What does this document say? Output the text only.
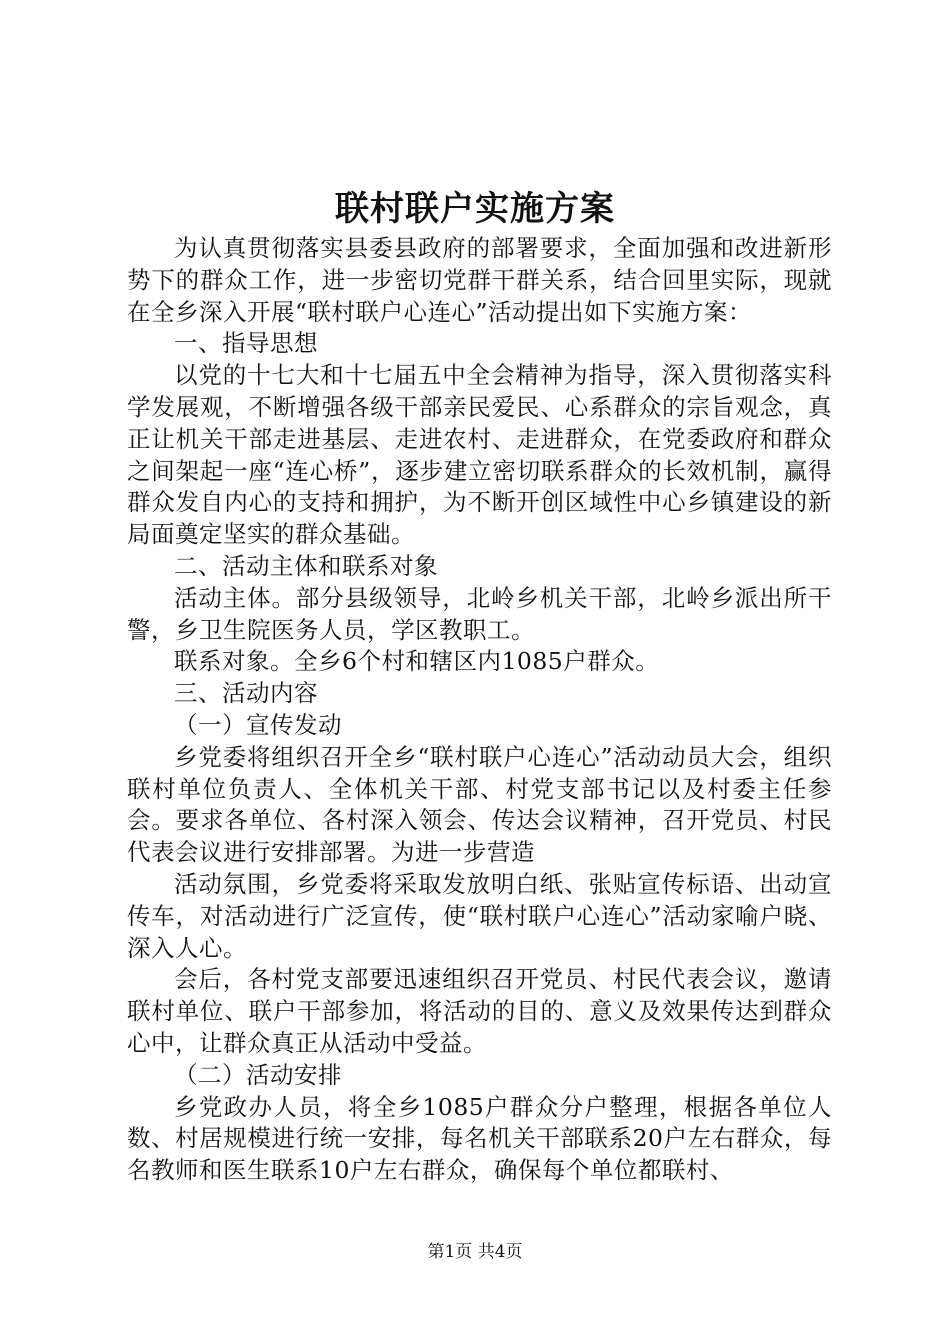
联村联户实施方案

为认真贯彻落实县委县政府的部署要求，全面加强和改进新形势下的群众工作，进一步密切党群干群关系，结合回里实际，现就在全乡深入开展“联村联户心连心”活动提出如下实施方案：

一、指导思想

以党的十七大和十七届五中全会精神为指导，深入贯彻落实科学发展观，不断增强各级干部亲民爱民、心系群众的宗旨观念，真正让机关干部走进基层、走进农村、走进群众，在党委政府和群众之间架起一座“连心桥”，逐步建立密切联系群众的长效机制，赢得群众发自内心的支持和拥护，为不断开创区域性中心乡镇建设的新局面奠定坚实的群众基础。

二、活动主体和联系对象

活动主体。部分县级领导，北岭乡机关干部，北岭乡派出所干警，乡卫生院医务人员，学区教职工。

联系对象。全乡6个村和辖区内1085户群众。

三、活动内容

（一）宣传发动

乡党委将组织召开全乡“联村联户心连心”活动动员大会，组织联村单位负责人、全体机关干部、村党支部书记以及村委主任参会。要求各单位、各村深入领会、传达会议精神，召开党员、村民代表会议进行安排部署。为进一步营造

活动氛围，乡党委将采取发放明白纸、张贴宣传标语、出动宣传车，对活动进行广泛宣传，使“联村联户心连心”活动家喻户晓、深入人心。

会后，各村党支部要迅速组织召开党员、村民代表会议，邀请联村单位、联户干部参加，将活动的目的、意义及效果传达到群众心中，让群众真正从活动中受益。

（二）活动安排

乡党政办人员，将全乡1085户群众分户整理，根据各单位人数、村居规模进行统一安排，每名机关干部联系20户左右群众，每名教师和医生联系10户左右群众，确保每个单位都联村、

第1页 共4页
